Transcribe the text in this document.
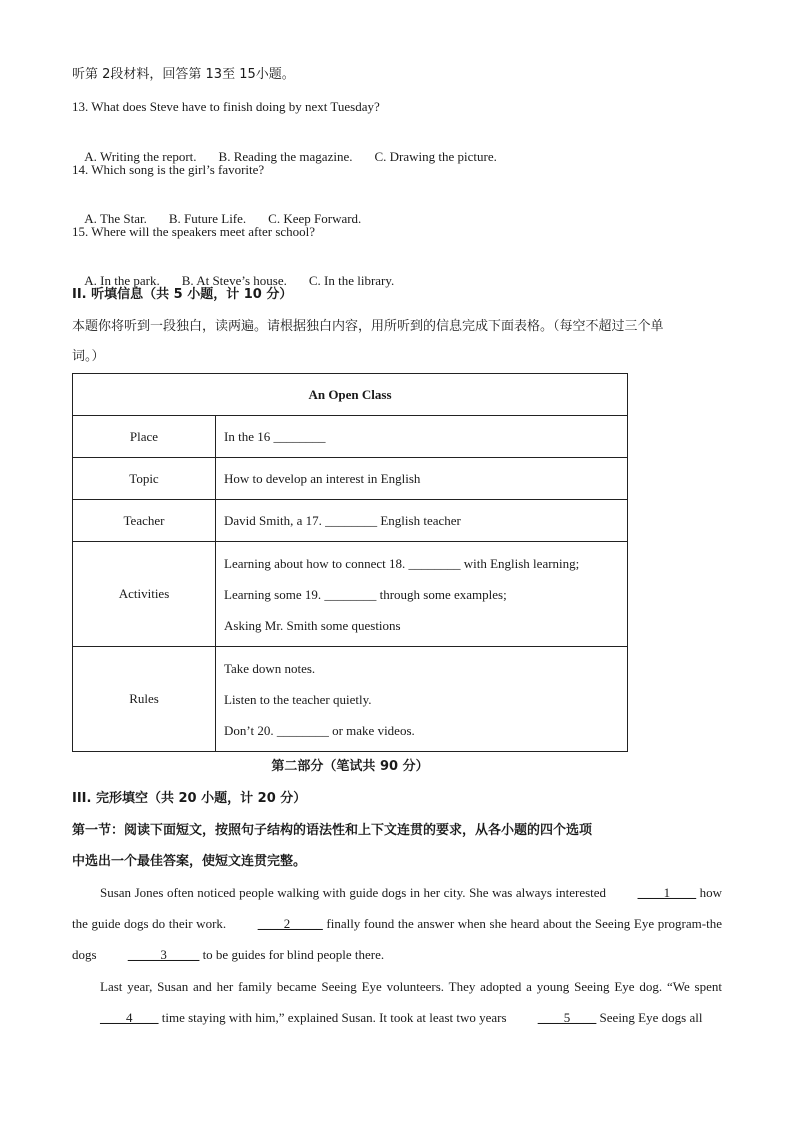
听第 2段材料，回答第 13至 15小题。
13. What does Steve have to finish doing by next Tuesday?

A. Writing the report. B. Reading the magazine. C. Drawing the picture.

14. Which song is the girl’s favorite?

A. The Star. B. Future Life. C. Keep Forward.

15. Where will the speakers meet after school?

A. In the park. B. At Steve’s house. C. In the library.

II. 听填信息（共 5 小题，计 10 分）
本题你将听到一段独白，读两遍。请根据独白内容，用所听到的信息完成下面表格。（每空不超过三个单
词。）
An Open Class	
Place	In the 16 ________
Topic	How to develop an interest in English
Teacher	David Smith, a 17. ________ English teacher
Activities	Learning about how to connect 18. ________ with English learning;
Learning some 19. ________ through some examples;
Asking Mr. Smith some questions

Rules	Take down notes.
Listen to the teacher quietly.
Don’t 20. ________ or make videos.
第二部分（笔试共 90 分）
III. 完形填空（共 20 小题，计 20 分）
第一节：阅读下面短文，按照句子结构的语法性和上下文连贯的要求，从各小题的四个选项
中选出一个最佳答案，使短文连贯完整。
Susan Jones often noticed people walking with guide dogs in her city. She was always interested ____1____ how the guide dogs do their work. ____2_____ finally found the answer when she heard about the Seeing Eye program-the dogs _____3_____ to be guides for blind people there.
Last year, Susan and her family became Seeing Eye volunteers. They adopted a young Seeing Eye dog. “We spent ____4____ time staying with him,” explained Susan. It took at least two years ____5____ Seeing Eye dogs all
